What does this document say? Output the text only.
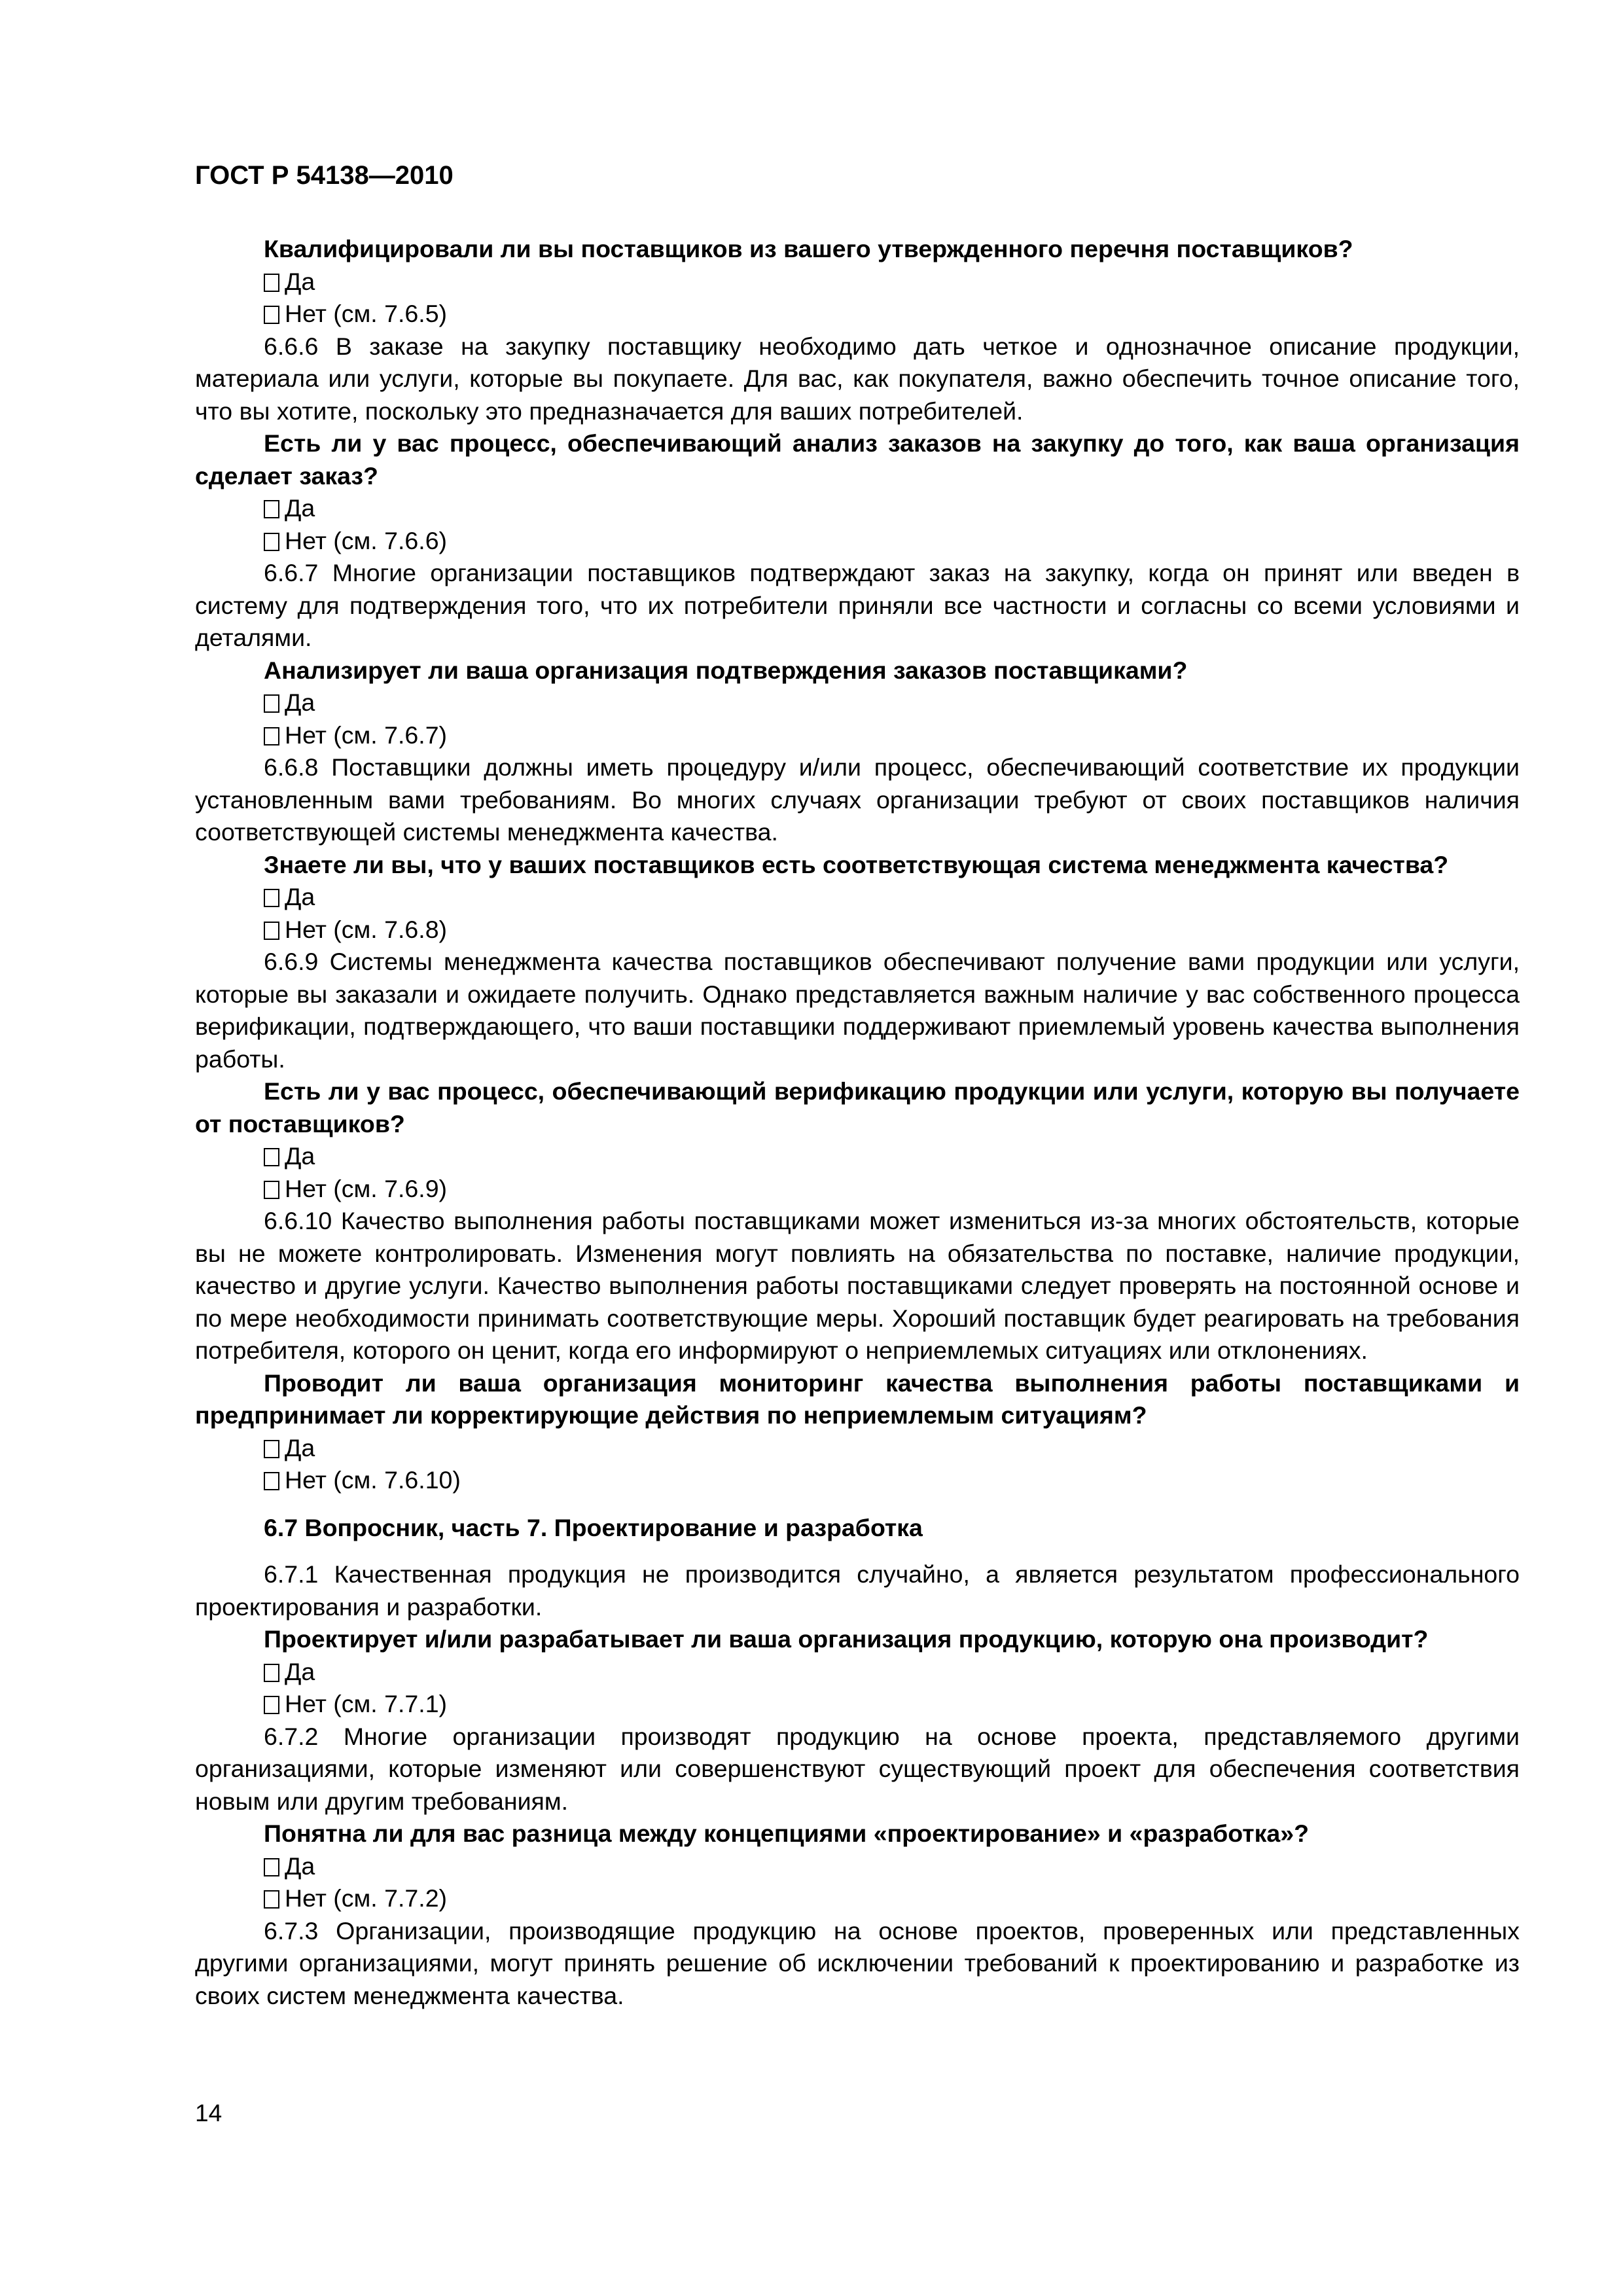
ГОСТ Р 54138—2010
Квалифицировали ли вы поставщиков из вашего утвержденного перечня поставщиков?
Да
Нет (см. 7.6.5)
6.6.6 В заказе на закупку поставщику необходимо дать четкое и однозначное описание продукции, материала или услуги, которые вы покупаете. Для вас, как покупателя, важно обеспечить точное описание того, что вы хотите, поскольку это предназначается для ваших потребителей.
Есть ли у вас процесс, обеспечивающий анализ заказов на закупку до того, как ваша организация сделает заказ?
Да
Нет (см. 7.6.6)
6.6.7 Многие организации поставщиков подтверждают заказ на закупку, когда он принят или введен в систему для подтверждения того, что их потребители приняли все частности и согласны со всеми условиями и деталями.
Анализирует ли ваша организация подтверждения заказов поставщиками?
Да
Нет (см. 7.6.7)
6.6.8 Поставщики должны иметь процедуру и/или процесс, обеспечивающий соответствие их продукции установленным вами требованиям. Во многих случаях организации требуют от своих поставщиков наличия соответствующей системы менеджмента качества.
Знаете ли вы, что у ваших поставщиков есть соответствующая система менеджмента качества?
Да
Нет (см. 7.6.8)
6.6.9 Системы менеджмента качества поставщиков обеспечивают получение вами продукции или услуги, которые вы заказали и ожидаете получить. Однако представляется важным наличие у вас собственного процесса верификации, подтверждающего, что ваши поставщики поддерживают приемлемый уровень качества выполнения работы.
Есть ли у вас процесс, обеспечивающий верификацию продукции или услуги, которую вы получаете от поставщиков?
Да
Нет (см. 7.6.9)
6.6.10 Качество выполнения работы поставщиками может измениться из-за многих обстоятельств, которые вы не можете контролировать. Изменения могут повлиять на обязательства по поставке, наличие продукции, качество и другие услуги. Качество выполнения работы поставщиками следует проверять на постоянной основе и по мере необходимости принимать соответствующие меры. Хороший поставщик будет реагировать на требования потребителя, которого он ценит, когда его информируют о неприемлемых ситуациях или отклонениях.
Проводит ли ваша организация мониторинг качества выполнения работы поставщиками и предпринимает ли корректирующие действия по неприемлемым ситуациям?
Да
Нет (см. 7.6.10)
6.7 Вопросник, часть 7. Проектирование и разработка
6.7.1 Качественная продукция не производится случайно, а является результатом профессионального проектирования и разработки.
Проектирует и/или разрабатывает ли ваша организация продукцию, которую она производит?
Да
Нет (см. 7.7.1)
6.7.2 Многие организации производят продукцию на основе проекта, представляемого другими организациями, которые изменяют или совершенствуют существующий проект для обеспечения соответствия новым или другим требованиям.
Понятна ли для вас разница между концепциями «проектирование» и «разработка»?
Да
Нет (см. 7.7.2)
6.7.3 Организации, производящие продукцию на основе проектов, проверенных или представленных другими организациями, могут принять решение об исключении требований к проектированию и разработке из своих систем менеджмента качества.
14
